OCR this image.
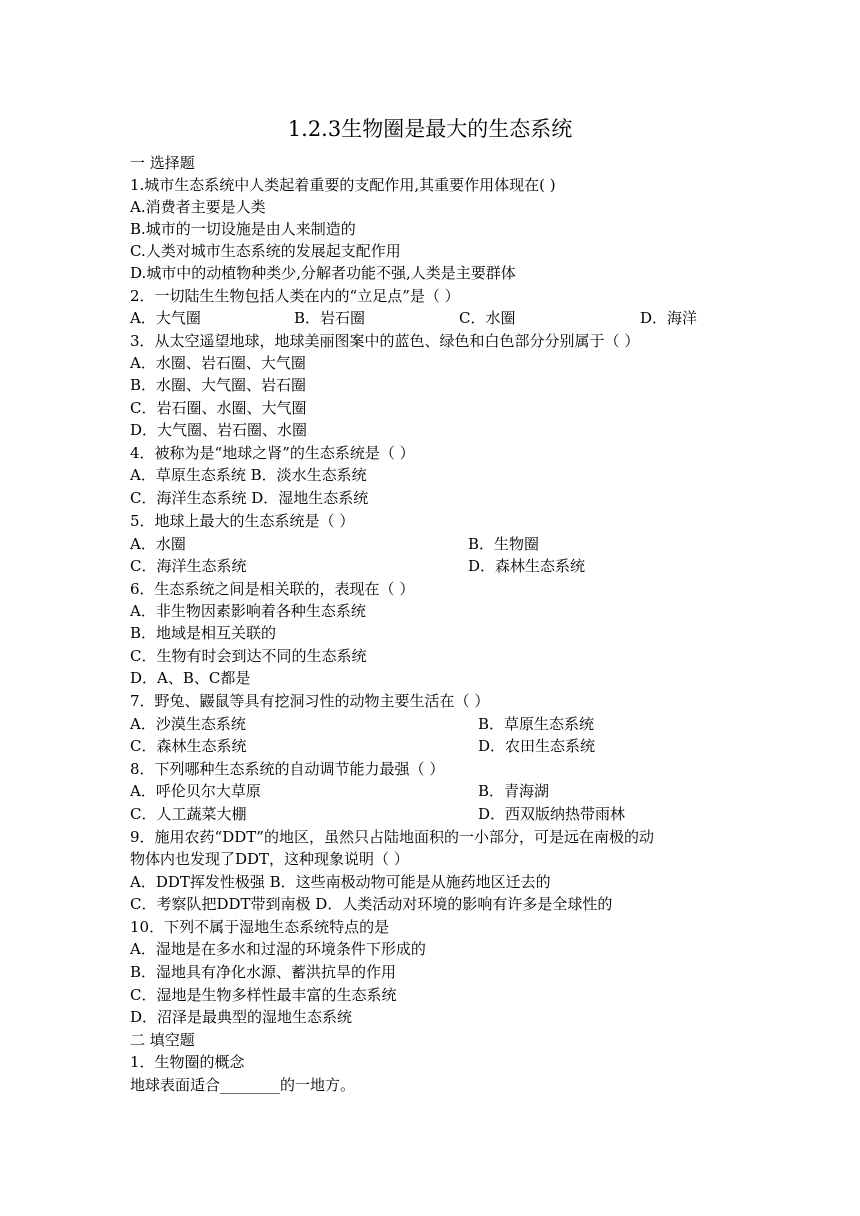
1.2.3生物圈是最大的生态系统
一 选择题
1.城市生态系统中人类起着重要的支配作用,其重要作用体现在( )
A.消费者主要是人类
B.城市的一切设施是由人来制造的
C.人类对城市生态系统的发展起支配作用
D.城市中的动植物种类少,分解者功能不强,人类是主要群体
2．一切陆生生物包括人类在内的“立足点”是（ ）
A．大气圈	B．岩石圈	C．水圈	D．海洋
3．从太空遥望地球，地球美丽图案中的蓝色、绿色和白色部分分别属于（ ）
A．水圈、岩石圈、大气圈
B．水圈、大气圈、岩石圈
C．岩石圈、水圈、大气圈
D．大气圈、岩石圈、水圈
4．被称为是“地球之肾”的生态系统是（ ）
A．草原生态系统 B．淡水生态系统
C．海洋生态系统 D．湿地生态系统
5．地球上最大的生态系统是（ ）
A．水圈	B．生物圈
C．海洋生态系统	D．森林生态系统
6．生态系统之间是相关联的，表现在（ ）
A．非生物因素影响着各种生态系统
B．地域是相互关联的
C．生物有时会到达不同的生态系统
D．A、B、C都是
7．野兔、鼹鼠等具有挖洞习性的动物主要生活在（ ）
A．沙漠生态系统	B．草原生态系统
C．森林生态系统	D．农田生态系统
8．下列哪种生态系统的自动调节能力最强（ ）
A．呼伦贝尔大草原	B．青海湖
C．人工蔬菜大棚	D．西双版纳热带雨林
9．施用农药“DDT”的地区，虽然只占陆地面积的一小部分，可是远在南极的动
物体内也发现了DDT，这种现象说明（ ）
A．DDT挥发性极强 B．这些南极动物可能是从施药地区迁去的
C．考察队把DDT带到南极 D．人类活动对环境的影响有许多是全球性的
10．下列不属于湿地生态系统特点的是
A．湿地是在多水和过湿的环境条件下形成的
B．湿地具有净化水源、蓄洪抗旱的作用
C．湿地是生物多样性最丰富的生态系统
D．沼泽是最典型的湿地生态系统
二 填空题
1．生物圈的概念
地球表面适合________的一地方。
